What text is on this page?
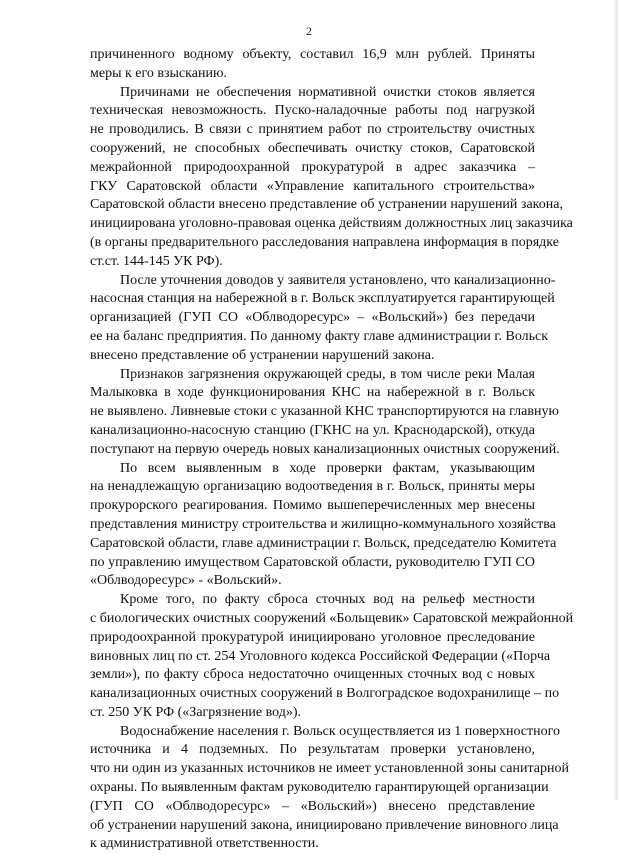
2
причиненного водному объекту, составил 16,9 млн рублей. Приняты
меры к его взысканию.
Причинами не обеспечения нормативной очистки стоков является
техническая невозможность. Пуско-наладочные работы под нагрузкой
не проводились. В связи с принятием работ по строительству очистных
сооружений, не способных обеспечивать очистку стоков, Саратовской
межрайонной природоохранной прокуратурой в адрес заказчика –
ГКУ Саратовской области «Управление капитального строительства»
Саратовской области внесено представление об устранении нарушений закона,
инициирована уголовно-правовая оценка действиям должностных лиц заказчика
(в органы предварительного расследования направлена информация в порядке
ст.ст. 144-145 УК РФ).
После уточнения доводов у заявителя установлено, что канализационно-
насосная станция на набережной в г. Вольск эксплуатируется гарантирующей
организацией (ГУП СО «Облводоресурс» – «Вольский») без передачи
ее на баланс предприятия. По данному факту главе администрации г. Вольск
внесено представление об устранении нарушений закона.
Признаков загрязнения окружающей среды, в том числе реки Малая
Малыковка в ходе функционирования КНС на набережной в г. Вольск
не выявлено. Ливневые стоки с указанной КНС транспортируются на главную
канализационно-насосную станцию (ГКНС на ул. Краснодарской), откуда
поступают на первую очередь новых канализационных очистных сооружений.
По всем выявленным в ходе проверки фактам, указывающим
на ненадлежащую организацию водоотведения в г. Вольск, приняты меры
прокурорского реагирования. Помимо вышеперечисленных мер внесены
представления министру строительства и жилищно-коммунального хозяйства
Саратовской области, главе администрации г. Вольск, председателю Комитета
по управлению имуществом Саратовской области, руководителю ГУП СО
«Облводоресурс» - «Вольский».
Кроме того, по факту сброса сточных вод на рельеф местности
с биологических очистных сооружений «Больщевик» Саратовской межрайонной
природоохранной прокуратурой инициировано уголовное преследование
виновных лиц по ст. 254 Уголовного кодекса Российской Федерации («Порча
земли»), по факту сброса недостаточно очищенных сточных вод с новых
канализационных очистных сооружений в Волгоградское водохранилище – по
ст. 250 УК РФ («Загрязнение вод»).
Водоснабжение населения г. Вольск осуществляется из 1 поверхностного
источника и 4 подземных. По результатам проверки установлено,
что ни один из указанных источников не имеет установленной зоны санитарной
охраны. По выявленным фактам руководителю гарантирующей организации
(ГУП СО «Облводоресурс» – «Вольский») внесено представление
об устранении нарушений закона, инициировано привлечение виновного лица
к административной ответственности.
